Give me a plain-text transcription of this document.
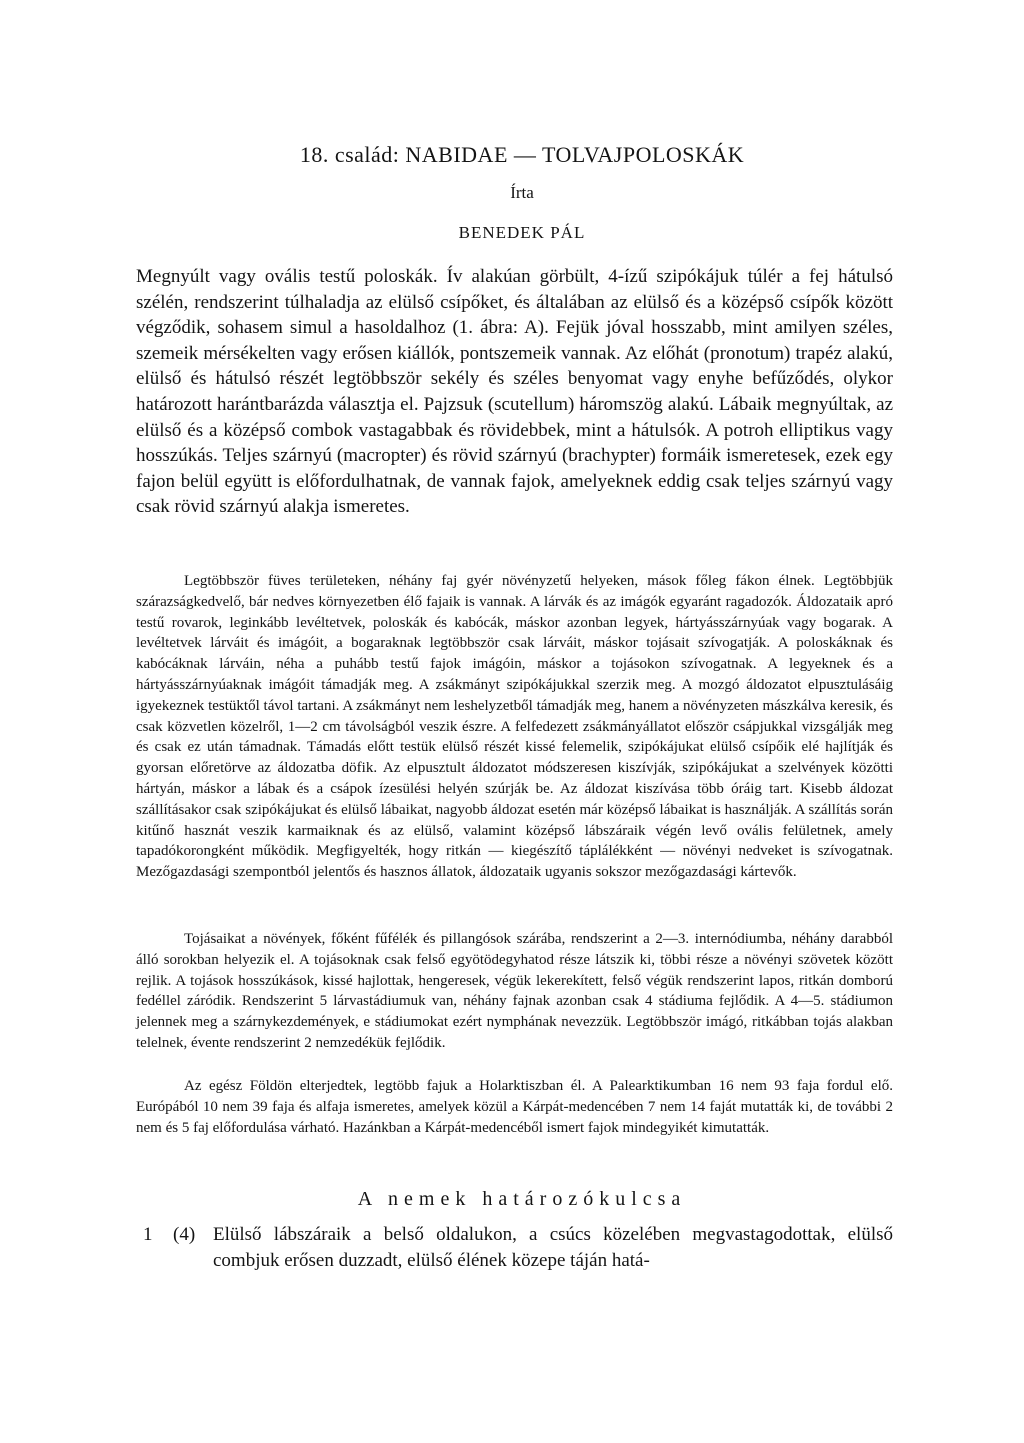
18. család: NABIDAE — TOLVAJPOLOSKÁK
Írta
BENEDEK PÁL

Megnyúlt vagy ovális testű poloskák. Ív alakúan görbült, 4-ízű szipókájuk túlér a fej hátulsó szélén, rendszerint túlhaladja az elülső csípőket, és általában az elülső és a középső csípők között végződik, sohasem simul a hasoldalhoz (1. ábra: A). Fejük jóval hosszabb, mint amilyen széles, szemeik mérsékelten vagy erősen kiállók, pontszemeik vannak. Az előhát (pronotum) trapéz alakú, elülső és hátulsó részét legtöbbször sekély és széles benyomat vagy enyhe befűződés, olykor határozott harántbarázda választja el. Pajzsuk (scutellum) háromszög alakú. Lábaik megnyúltak, az elülső és a középső combok vastagabbak és rövidebbek, mint a hátulsók. A potroh elliptikus vagy hosszúkás. Teljes szárnyú (macropter) és rövid szárnyú (brachypter) formáik ismeretesek, ezek egy fajon belül együtt is előfordulhatnak, de vannak fajok, amelyeknek eddig csak teljes szárnyú vagy csak rövid szárnyú alakja ismeretes.

Legtöbbször füves területeken, néhány faj gyér növényzetű helyeken, mások főleg fákon élnek. Legtöbbjük szárazságkedvelő, bár nedves környezetben élő fajaik is vannak. A lárvák és az imágók egyaránt ragadozók. Áldozataik apró testű rovarok, leginkább levéltetvek, poloskák és kabócák, máskor azonban legyek, hártyásszárnyúak vagy bogarak. A levéltetvek lárváit és imágóit, a bogaraknak legtöbbször csak lárváit, máskor tojásait szívogatják. A poloskáknak és kabócáknak lárváin, néha a puhább testű fajok imágóin, máskor a tojásokon szívogatnak. A legyeknek és a hártyásszárnyúaknak imágóit támadják meg. A zsákmányt szipókájukkal szerzik meg. A mozgó áldozatot elpusztulásáig igyekeznek testüktől távol tartani. A zsákmányt nem leshelyzetből támadják meg, hanem a növényzeten mászkálva keresik, és csak közvetlen közelről, 1—2 cm távolságból veszik észre. A felfedezett zsákmányállatot először csápjukkal vizsgálják meg és csak ez után támadnak. Támadás előtt testük elülső részét kissé felemelik, szipókájukat elülső csípőik elé hajlítják és gyorsan előretörve az áldozatba döfik. Az elpusztult áldozatot módszeresen kiszívják, szipókájukat a szelvények közötti hártyán, máskor a lábak és a csápok ízesülési helyén szúrják be. Az áldozat kiszívása több óráig tart. Kisebb áldozat szállításakor csak szipókájukat és elülső lábaikat, nagyobb áldozat esetén már középső lábaikat is használják. A szállítás során kitűnő hasznát veszik karmaiknak és az elülső, valamint középső lábszáraik végén levő ovális felületnek, amely tapadókorongként működik. Megfigyelték, hogy ritkán — kiegészítő táplálékként — növényi nedveket is szívogatnak. Mezőgazdasági szempontból jelentős és hasznos állatok, áldozataik ugyanis sokszor mezőgazdasági kártevők.

Tojásaikat a növények, főként fűfélék és pillangósok szárába, rendszerint a 2—3. internódiumba, néhány darabból álló sorokban helyezik el. A tojásoknak csak felső egyötödegyhatod része látszik ki, többi része a növényi szövetek között rejlik. A tojások hosszúkások, kissé hajlottak, hengeresek, végük lekerekített, felső végük rendszerint lapos, ritkán domború fedéllel záródik. Rendszerint 5 lárvastádiumuk van, néhány fajnak azonban csak 4 stádiuma fejlődik. A 4—5. stádiumon jelennek meg a szárnykezdemények, e stádiumokat ezért nymphának nevezzük. Legtöbbször imágó, ritkábban tojás alakban telelnek, évente rendszerint 2 nemzedékük fejlődik.

Az egész Földön elterjedtek, legtöbb fajuk a Holarktiszban él. A Palearktikumban 16 nem 93 faja fordul elő. Európából 10 nem 39 faja és alfaja ismeretes, amelyek közül a Kárpát-medencében 7 nem 14 faját mutatták ki, de további 2 nem és 5 faj előfordulása várható. Hazánkban a Kárpát-medencéből ismert fajok mindegyikét kimutatták.

A nemek határozókulcsa
1 (4) Elülső lábszáraik a belső oldalukon, a csúcs közelében megvastagodottak, elülső combjuk erősen duzzadt, elülső élének közepe táján hatá-
